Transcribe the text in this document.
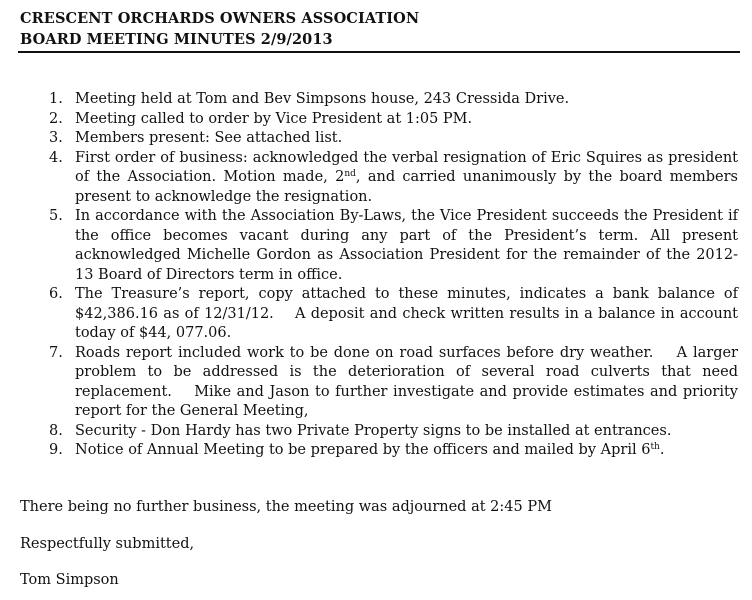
CRESCENT ORCHARDS OWNERS ASSOCIATION
BOARD MEETING MINUTES 2/9/2013
1. Meeting held at Tom and Bev Simpsons house, 243 Cressida Drive.
2. Meeting called to order by Vice President at 1:05 PM.
3. Members present: See attached list.
4. First order of business: acknowledged the verbal resignation of Eric Squires as president of the Association. Motion made, 2nd, and carried unanimously by the board members present to acknowledge the resignation.
5. In accordance with the Association By-Laws, the Vice President succeeds the President if the office becomes vacant during any part of the President’s term. All present acknowledged Michelle Gordon as Association President for the remainder of the 2012-13 Board of Directors term in office.
6. The Treasure’s report, copy attached to these minutes, indicates a bank balance of $42,386.16 as of 12/31/12.    A deposit and check written results in a balance in account today of $44, 077.06.
7. Roads report included work to be done on road surfaces before dry weather.    A larger problem to be addressed is the deterioration of several road culverts that need replacement.    Mike and Jason to further investigate and provide estimates and priority report for the General Meeting,
8. Security - Don Hardy has two Private Property signs to be installed at entrances.
9. Notice of Annual Meeting to be prepared by the officers and mailed by April 6th.
There being no further business, the meeting was adjourned at 2:45 PM
Respectfully submitted,
Tom Simpson
